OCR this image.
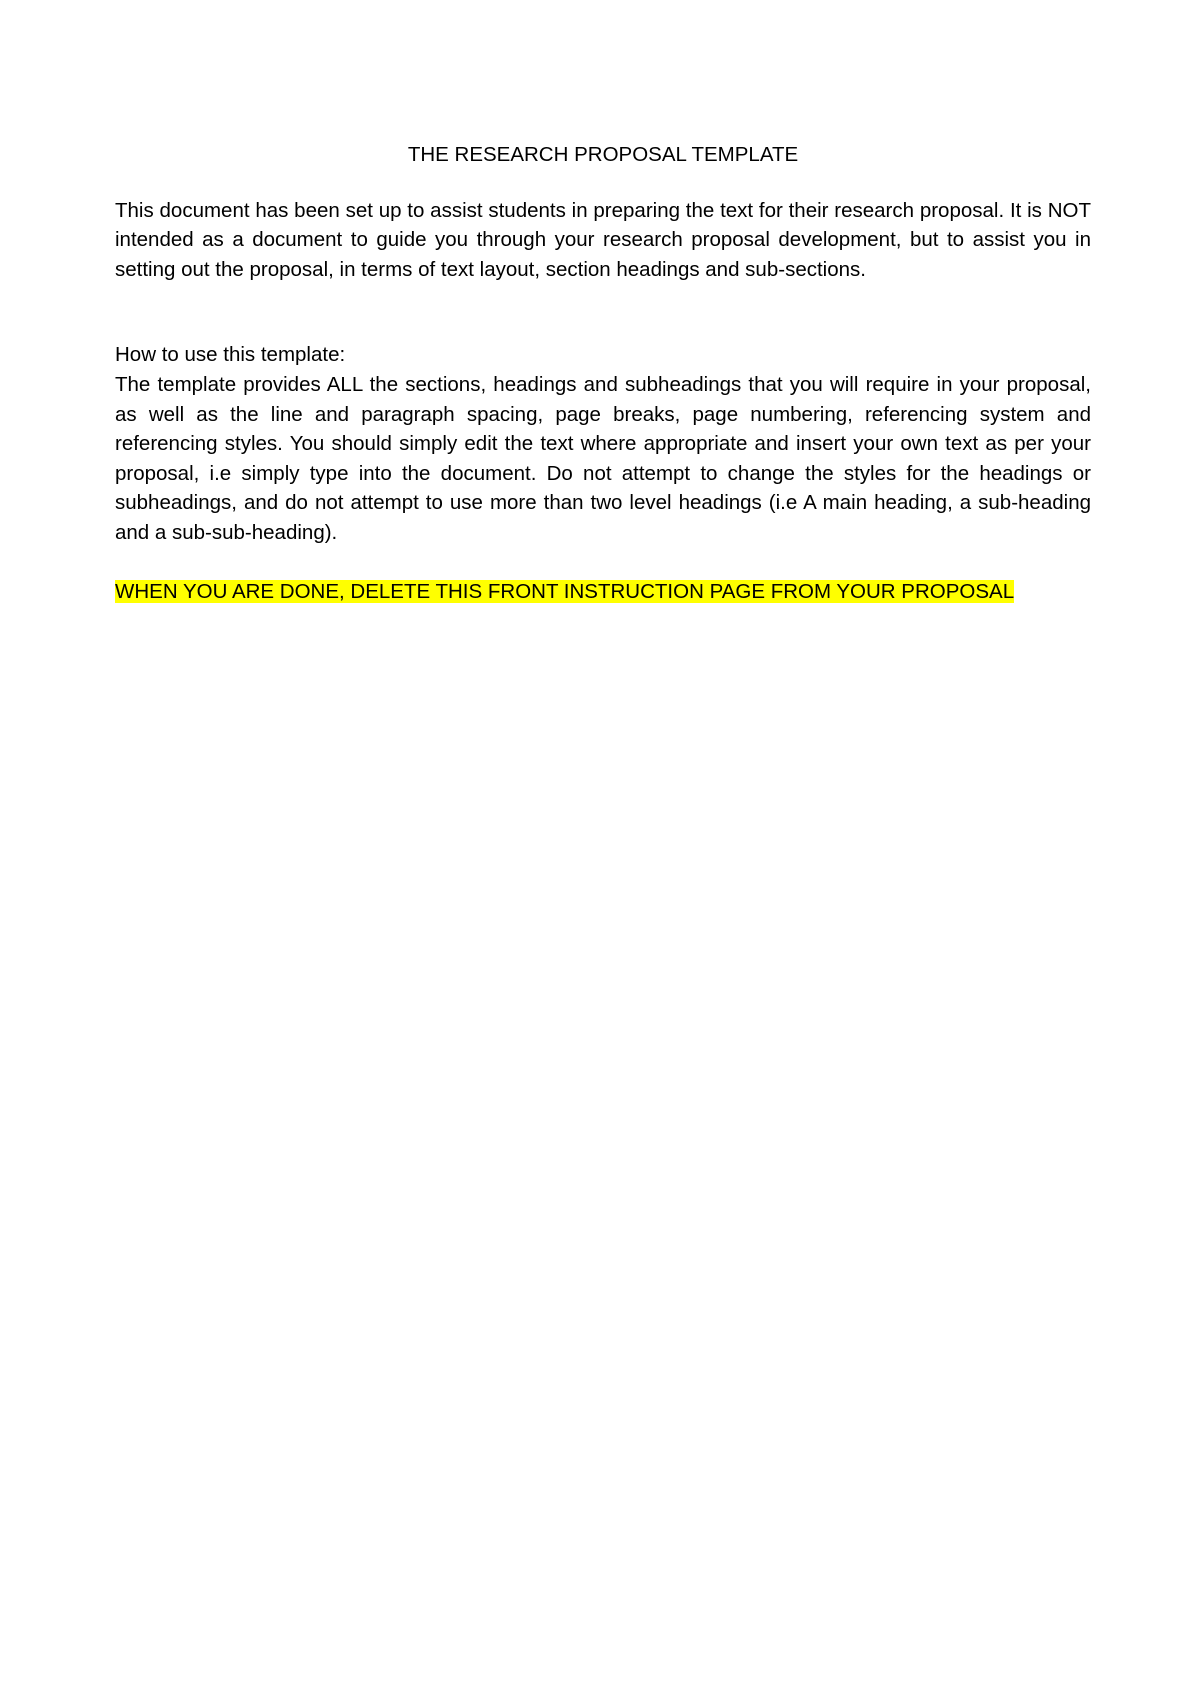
THE RESEARCH PROPOSAL TEMPLATE

This document has been set up to assist students in preparing the text for their research proposal. It is NOT intended as a document to guide you through your research proposal development, but to assist you in setting out the proposal, in terms of text layout, section headings and sub-sections.

How to use this template:

The template provides ALL the sections, headings and subheadings that you will require in your proposal, as well as the line and paragraph spacing, page breaks, page numbering, referencing system and referencing styles. You should simply edit the text where appropriate and insert your own text as per your proposal, i.e simply type into the document. Do not attempt to change the styles for the headings or subheadings, and do not attempt to use more than two level headings (i.e A main heading, a sub-heading and a sub-sub-heading).

WHEN YOU ARE DONE, DELETE THIS FRONT INSTRUCTION PAGE FROM YOUR PROPOSAL
